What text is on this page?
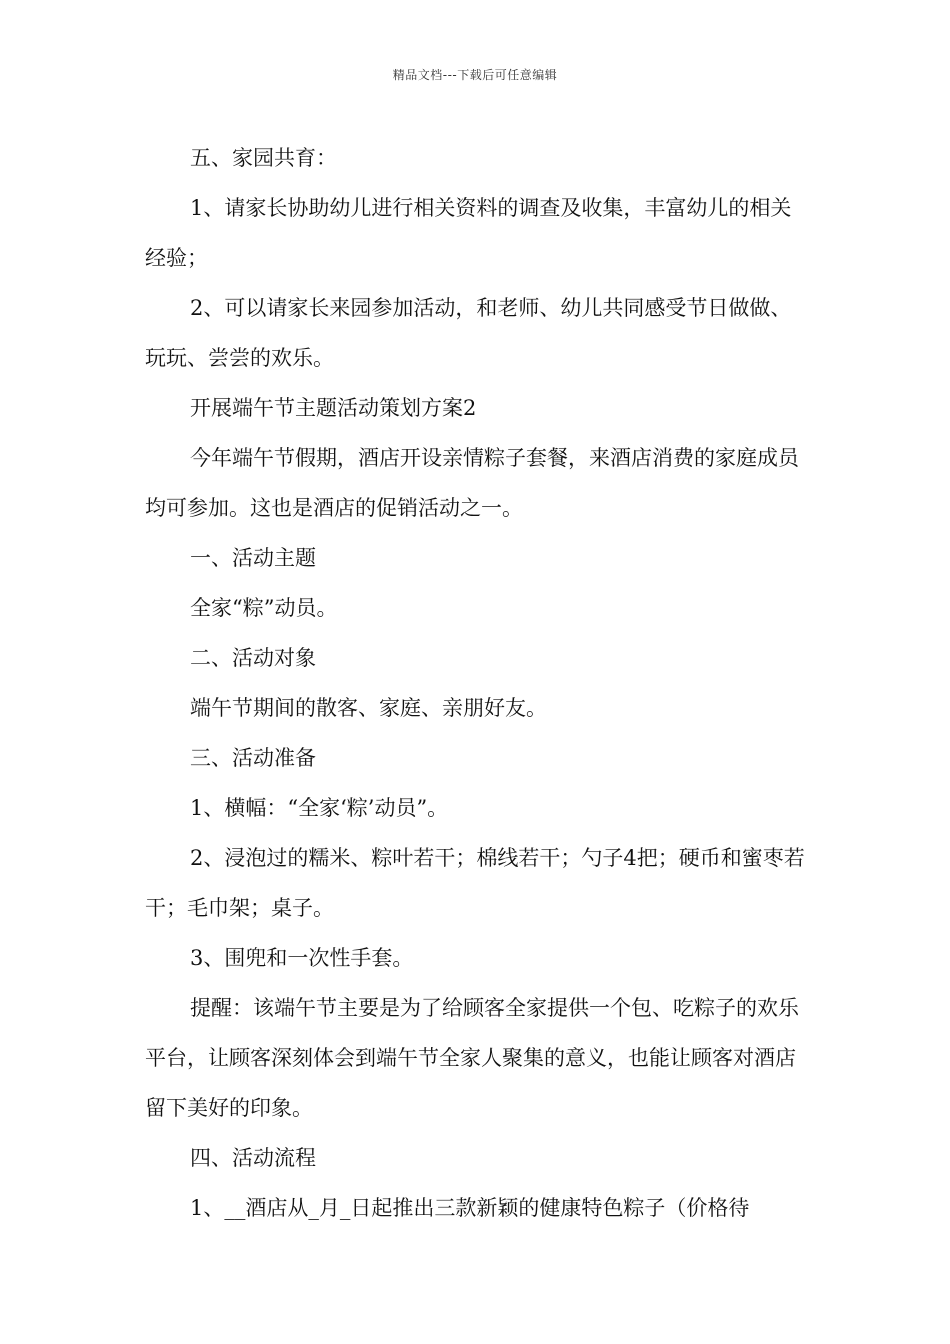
精品文档---下载后可任意编辑

五、家园共育：

1、请家长协助幼儿进行相关资料的调查及收集，丰富幼儿的相关经验；

2、可以请家长来园参加活动，和老师、幼儿共同感受节日做做、玩玩、尝尝的欢乐。

开展端午节主题活动策划方案2

今年端午节假期，酒店开设亲情粽子套餐，来酒店消费的家庭成员均可参加。这也是酒店的促销活动之一。

一、活动主题

全家“粽”动员。

二、活动对象

端午节期间的散客、家庭、亲朋好友。

三、活动准备

1、横幅：“全家‘粽’动员”。

2、浸泡过的糯米、粽叶若干；棉线若干；勺子4把；硬币和蜜枣若干；毛巾架；桌子。

3、围兜和一次性手套。

提醒：该端午节主要是为了给顾客全家提供一个包、吃粽子的欢乐平台，让顾客深刻体会到端午节全家人聚集的意义，也能让顾客对酒店留下美好的印象。

四、活动流程

1、__酒店从_月_日起推出三款新颖的健康特色粽子（价格待
